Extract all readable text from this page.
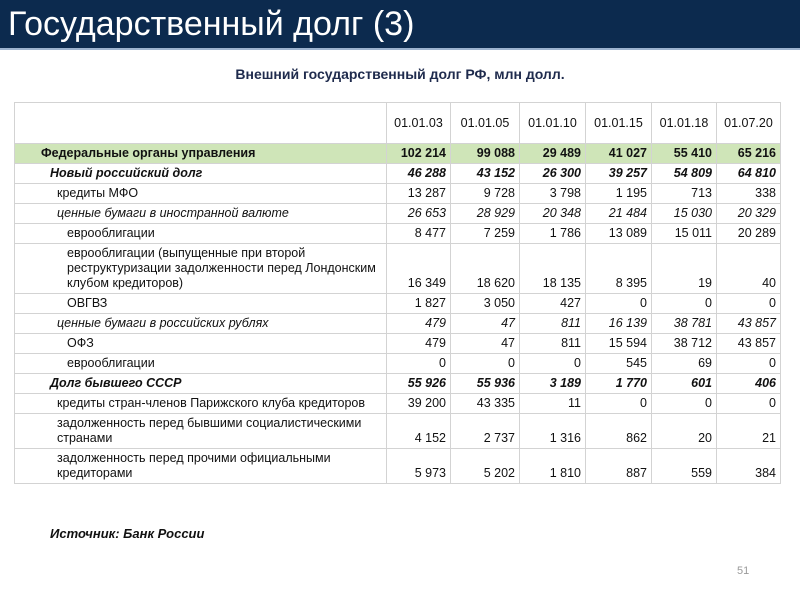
Государственный долг (3)
Внешний государственный долг РФ, млн долл.
	01.01.03	01.01.05	01.01.10	01.01.15	01.01.18	01.07.20
Федеральные органы управления	102 214	99 088	29 489	41 027	55 410	65 216
Новый российский долг	46 288	43 152	26 300	39 257	54 809	64 810
кредиты МФО	13 287	9 728	3 798	1 195	713	338
ценные бумаги в иностранной валюте	26 653	28 929	20 348	21 484	15 030	20 329
еврооблигации	8 477	7 259	1 786	13 089	15 011	20 289
еврооблигации (выпущенные при второй реструктуризации задолженности перед Лондонским клубом кредиторов)	16 349	18 620	18 135	8 395	19	40
ОВГВЗ	1 827	3 050	427	0	0	0
ценные бумаги в российских рублях	479	47	811	16 139	38 781	43 857
ОФЗ	479	47	811	15 594	38 712	43 857
еврооблигации	0	0	0	545	69	0
Долг бывшего СССР	55 926	55 936	3 189	1 770	601	406
кредиты стран-членов Парижского клуба кредиторов	39 200	43 335	11	0	0	0
задолженность перед бывшими социалистическими странами	4 152	2 737	1 316	862	20	21
задолженность перед прочими официальными кредиторами	5 973	5 202	1 810	887	559	384
Источник: Банк России
51
